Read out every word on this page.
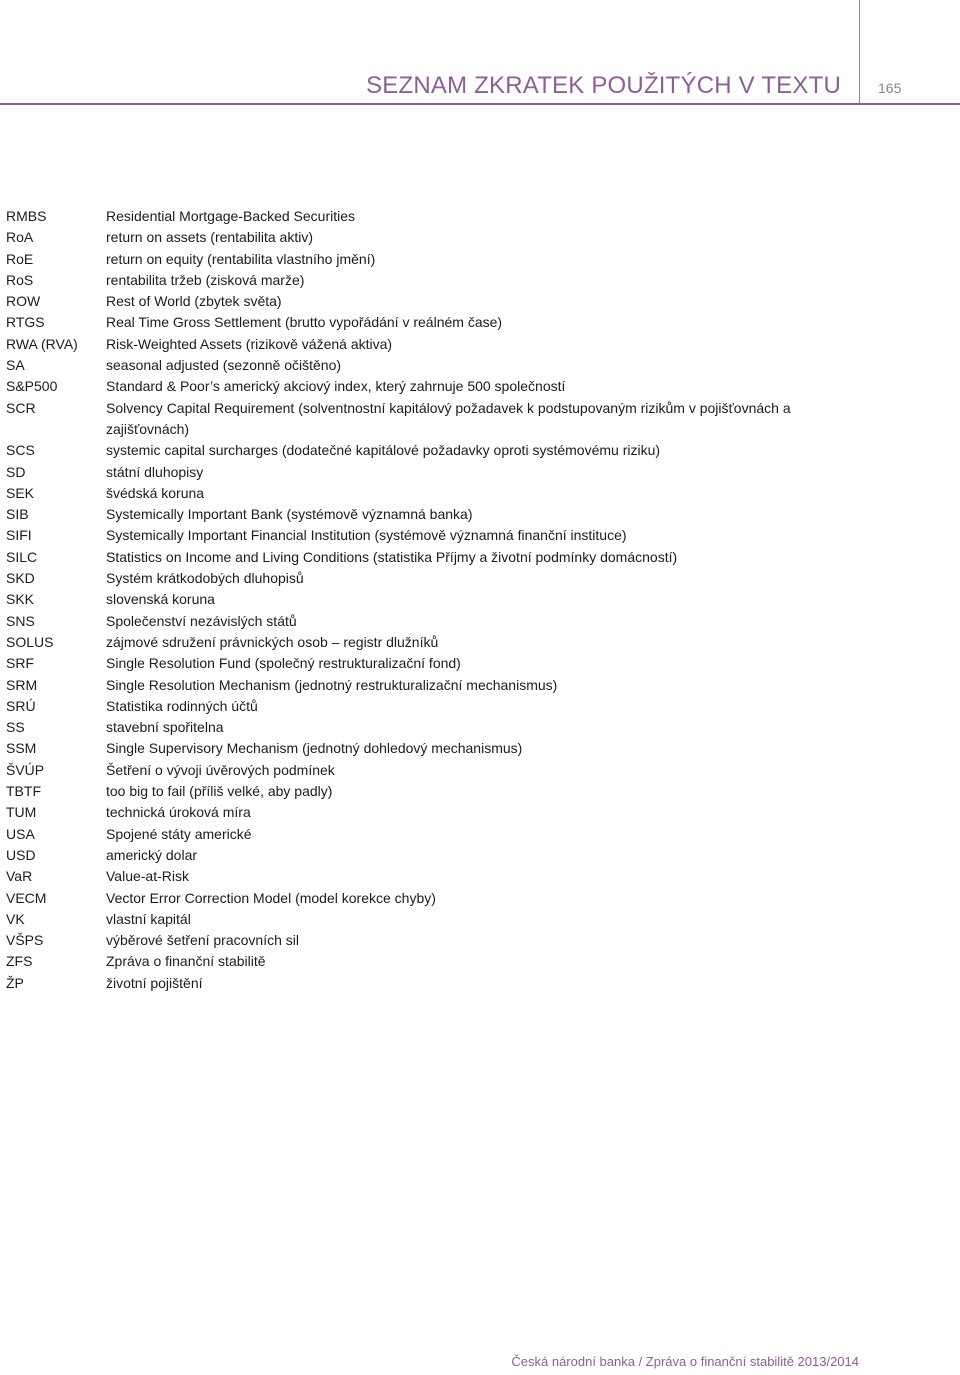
SEZNAM ZKRATEK POUŽITÝCH V TEXTU	165
RMBS	Residential Mortgage-Backed Securities
RoA	return on assets (rentabilita aktiv)
RoE	return on equity (rentabilita vlastního jmění)
RoS	rentabilita tržeb (zisková marže)
ROW	Rest of World (zbytek světa)
RTGS	Real Time Gross Settlement (brutto vypořádání v reálném čase)
RWA (RVA)	Risk-Weighted Assets (rizikově vážená aktiva)
SA	seasonal adjusted (sezonně očištěno)
S&P500	Standard & Poor’s americký akciový index, který zahrnuje 500 společností
SCR	Solvency Capital Requirement (solventnostní kapitálový požadavek k podstupovaným rizikům v pojišťovnách a zajišťovnách)
SCS	systemic capital surcharges (dodatečné kapitálové požadavky oproti systémovému riziku)
SD	státní dluhopisy
SEK	švédská koruna
SIB	Systemically Important Bank (systémově významná banka)
SIFI	Systemically Important Financial Institution (systémově významná finanční instituce)
SILC	Statistics on Income and Living Conditions (statistika Příjmy a životní podmínky domácností)
SKD	Systém krátkodobých dluhopisů
SKK	slovenská koruna
SNS	Společenství nezávislých států
SOLUS	zájmové sdružení právnických osob – registr dlužníků
SRF	Single Resolution Fund (společný restrukturalizační fond)
SRM	Single Resolution Mechanism (jednotný restrukturalizační mechanismus)
SRÚ	Statistika rodinných účtů
SS	stavební spořitelna
SSM	Single Supervisory Mechanism (jednotný dohledový mechanismus)
ŠVÚP	Šetření o vývoji úvěrových podmínek
TBTF	too big to fail (příliš velké, aby padly)
TUM	technická úroková míra
USA	Spojené státy americké
USD	americký dolar
VaR	Value-at-Risk
VECM	Vector Error Correction Model (model korekce chyby)
VK	vlastní kapitál
VŠPS	výběrové šetření pracovních sil
ZFS	Zpráva o finanční stabilitě
ŽP	životní pojištění
Česká národní banka / Zpráva o finanční stabilitě 2013/2014
